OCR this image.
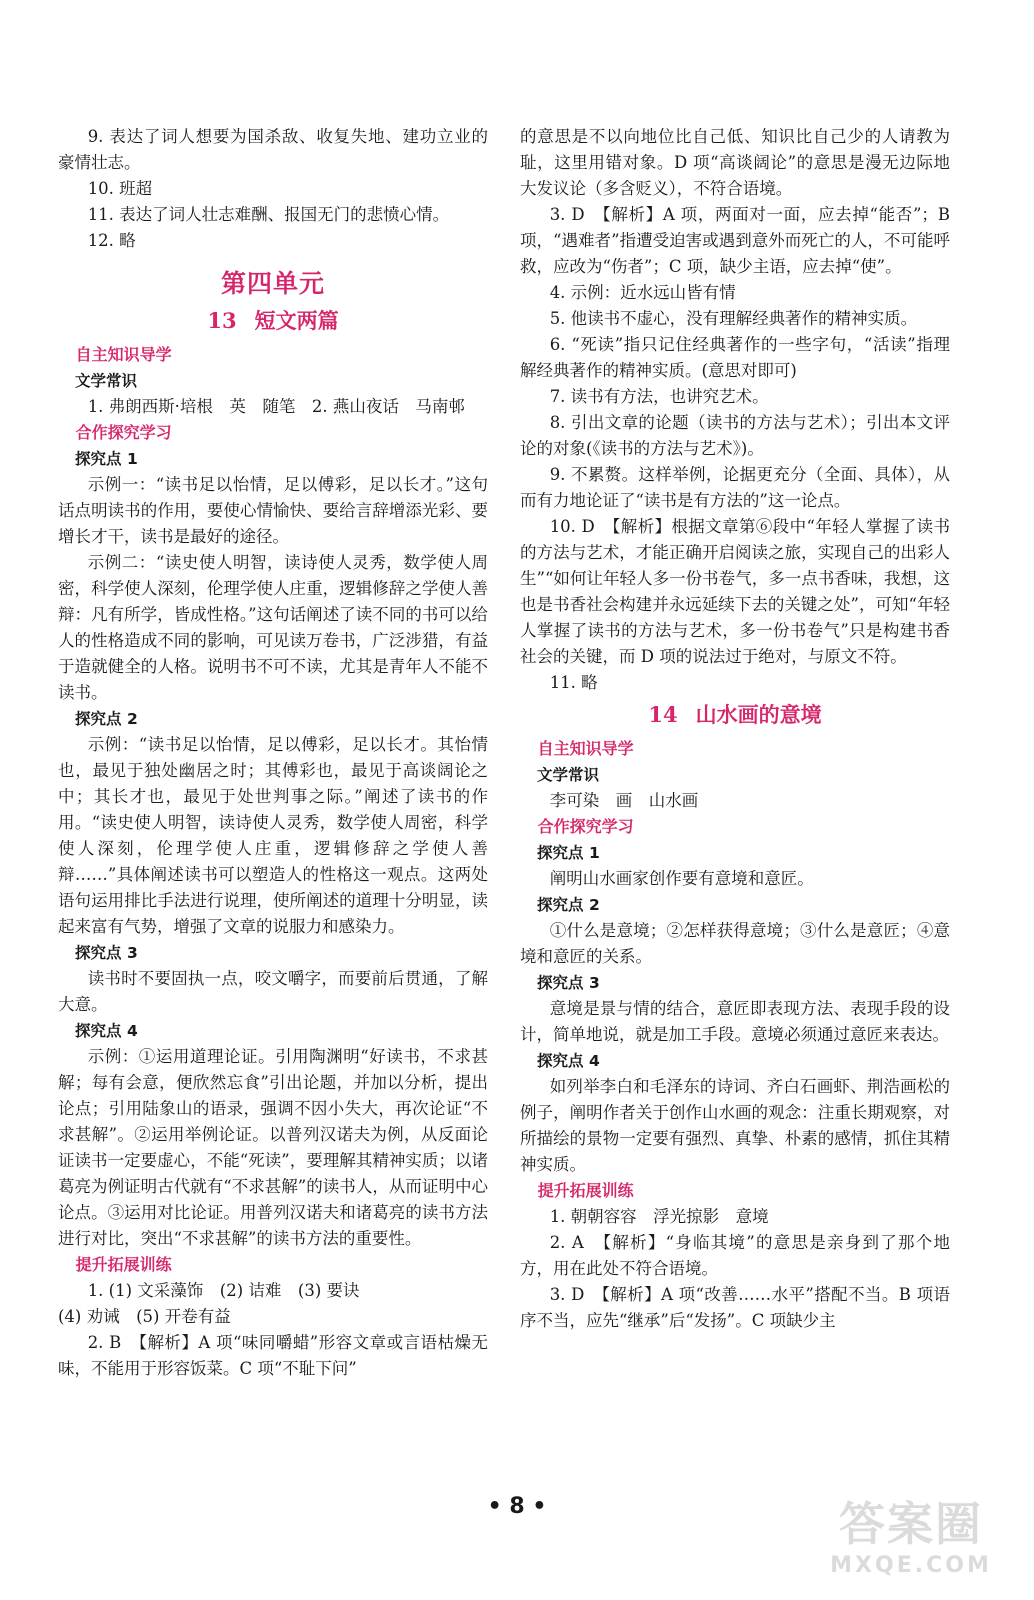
9. 表达了词人想要为国杀敌、收复失地、建功立业的豪情壮志。
10. 班超
11. 表达了词人壮志难酬、报国无门的悲愤心情。
12. 略
第四单元
13 短文两篇
自主知识导学
文学常识
1. 弗朗西斯·培根　英　随笔　2. 燕山夜话　马南邨
合作探究学习
探究点 1
示例一：“读书足以怡情，足以傅彩，足以长才。”这句话点明读书的作用，要使心情愉快、要给言辞增添光彩、要增长才干，读书是最好的途径。
示例二：“读史使人明智，读诗使人灵秀，数学使人周密，科学使人深刻，伦理学使人庄重，逻辑修辞之学使人善辩：凡有所学，皆成性格。”这句话阐述了读不同的书可以给人的性格造成不同的影响，可见读万卷书，广泛涉猎，有益于造就健全的人格。说明书不可不读，尤其是青年人不能不读书。
探究点 2
示例：“读书足以怡情，足以傅彩，足以长才。其怡情也，最见于独处幽居之时；其傅彩也，最见于高谈阔论之中；其长才也，最见于处世判事之际。”阐述了读书的作用。“读史使人明智，读诗使人灵秀，数学使人周密，科学使人深刻，伦理学使人庄重，逻辑修辞之学使人善辩……”具体阐述读书可以塑造人的性格这一观点。这两处语句运用排比手法进行说理，使所阐述的道理十分明显，读起来富有气势，增强了文章的说服力和感染力。
探究点 3
读书时不要固执一点，咬文嚼字，而要前后贯通，了解大意。
探究点 4
示例：①运用道理论证。引用陶渊明“好读书，不求甚解；每有会意，便欣然忘食”引出论题，并加以分析，提出论点；引用陆象山的语录，强调不因小失大，再次论证“不求甚解”。②运用举例论证。以普列汉诺夫为例，从反面论证读书一定要虚心，不能“死读”，要理解其精神实质；以诸葛亮为例证明古代就有“不求甚解”的读书人，从而证明中心论点。③运用对比论证。用普列汉诺夫和诸葛亮的读书方法进行对比，突出“不求甚解”的读书方法的重要性。
提升拓展训练
1. (1) 文采藻饰　(2) 诘难　(3) 要诀
(4) 劝诫　(5) 开卷有益
2. B　【解析】A 项“味同嚼蜡”形容文章或言语枯燥无味，不能用于形容饭菜。C 项“不耻下问”
的意思是不以向地位比自己低、知识比自己少的人请教为耻，这里用错对象。D 项“高谈阔论”的意思是漫无边际地大发议论（多含贬义），不符合语境。
3. D　【解析】A 项，两面对一面，应去掉“能否”；B 项，“遇难者”指遭受迫害或遇到意外而死亡的人，不可能呼救，应改为“伤者”；C 项，缺少主语，应去掉“使”。
4. 示例：近水远山皆有情
5. 他读书不虚心，没有理解经典著作的精神实质。
6. “死读”指只记住经典著作的一些字句，“活读”指理解经典著作的精神实质。(意思对即可)
7. 读书有方法，也讲究艺术。
8. 引出文章的论题（读书的方法与艺术）；引出本文评论的对象(《读书的方法与艺术》)。
9. 不累赘。这样举例，论据更充分（全面、具体），从而有力地论证了“读书是有方法的”这一论点。
10. D　【解析】根据文章第⑥段中“年轻人掌握了读书的方法与艺术，才能正确开启阅读之旅，实现自己的出彩人生”“如何让年轻人多一份书卷气，多一点书香味，我想，这也是书香社会构建并永远延续下去的关键之处”，可知“年轻人掌握了读书的方法与艺术，多一份书卷气”只是构建书香社会的关键，而 D 项的说法过于绝对，与原文不符。
11. 略
14 山水画的意境
自主知识导学
文学常识
李可染　画　山水画
合作探究学习
探究点 1
阐明山水画家创作要有意境和意匠。
探究点 2
①什么是意境；②怎样获得意境；③什么是意匠；④意境和意匠的关系。
探究点 3
意境是景与情的结合，意匠即表现方法、表现手段的设计，简单地说，就是加工手段。意境必须通过意匠来表达。
探究点 4
如列举李白和毛泽东的诗词、齐白石画虾、荆浩画松的例子，阐明作者关于创作山水画的观念：注重长期观察，对所描绘的景物一定要有强烈、真挚、朴素的感情，抓住其精神实质。
提升拓展训练
1. 朝朝容容　浮光掠影　意境
2. A　【解析】“身临其境”的意思是亲身到了那个地方，用在此处不符合语境。
3. D　【解析】A 项“改善……水平”搭配不当。B 项语序不当，应先“继承”后“发扬”。C 项缺少主
• 8 •	答案圈
MXQE.COM
